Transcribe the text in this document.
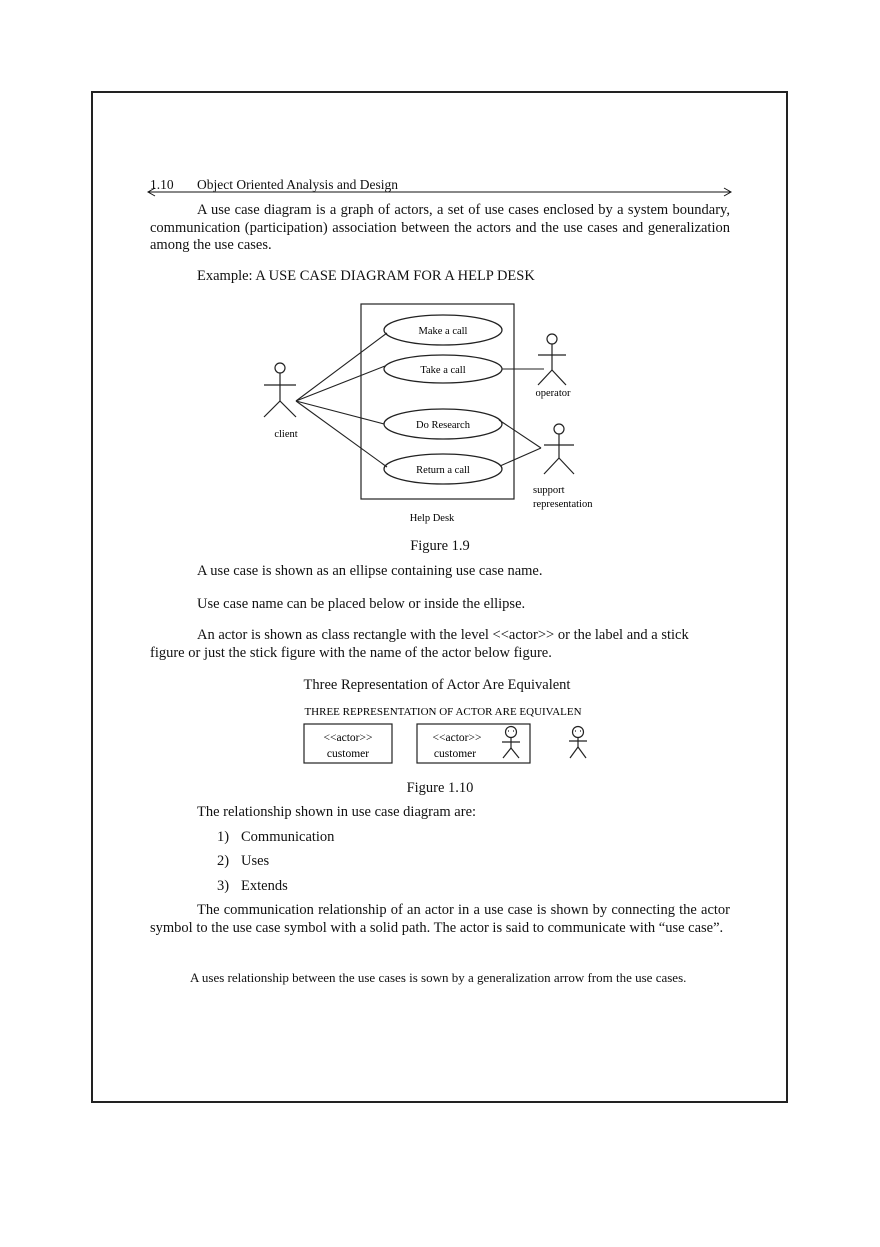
1.10 Object Oriented Analysis and Design
A use case diagram is a graph of actors, a set of use cases enclosed by a system boundary, communication (participation) association between the actors and the use cases and generalization among the use cases.
Example: A USE CASE DIAGRAM FOR A HELP DESK
Make a call
Take a call
Do Research
Return a call
client
operator
support
representation
Help Desk
Figure 1.9
A use case is shown as an ellipse containing use case name.
Use case name can be placed below or inside the ellipse.
An actor is shown as class rectangle with the level <<actor>> or the label and a stick figure or just the stick figure with the name of the actor below figure.
Three Representation of Actor Are Equivalent
THREE REPRESENTATION OF ACTOR ARE EQUIVALEN
<<actor>>
customer
<<actor>>
customer
Figure 1.10
The relationship shown in use case diagram are:
1) Communication
2) Uses
3) Extends
The communication relationship of an actor in a use case is shown by connecting the actor symbol to the use case symbol with a solid path. The actor is said to communicate with “use case”.
A uses relationship between the use cases is sown by a generalization arrow from the use cases.
